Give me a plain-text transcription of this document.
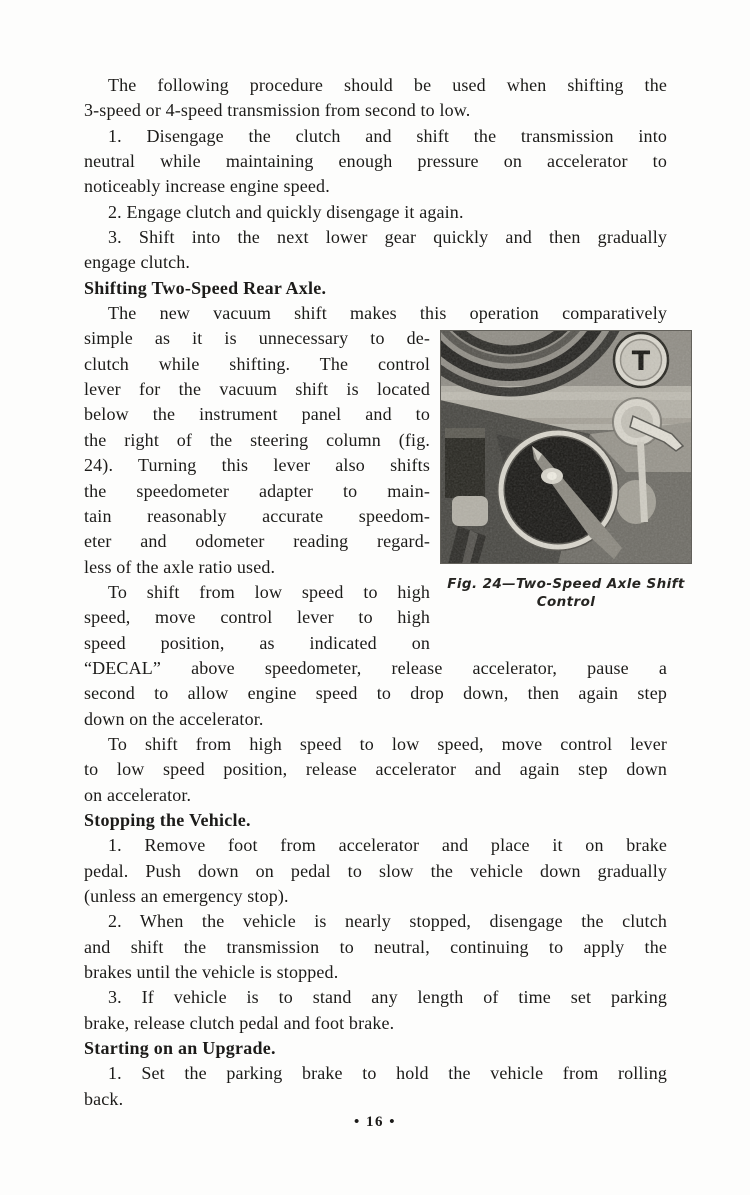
The following procedure should be used when shifting the
3-speed or 4-speed transmission from second to low.
1. Disengage the clutch and shift the transmission into
neutral while maintaining enough pressure on accelerator to
noticeably increase engine speed.
2. Engage clutch and quickly disengage it again.
3. Shift into the next lower gear quickly and then gradually
engage clutch.
Shifting Two-Speed Rear Axle.
The new vacuum shift makes this operation comparatively
simple as it is unnecessary to de-
clutch while shifting. The control
lever for the vacuum shift is located
below the instrument panel and to
the right of the steering column (fig.
24). Turning this lever also shifts
the speedometer adapter to main-
tain reasonably accurate speedom-
eter and odometer reading regard-
less of the axle ratio used.
To shift from low speed to high
speed, move control lever to high
speed position, as indicated on
T
Fig. 24—Two-Speed Axle Shift
Control
“DECAL” above speedometer, release accelerator, pause a
second to allow engine speed to drop down, then again step
down on the accelerator.
To shift from high speed to low speed, move control lever
to low speed position, release accelerator and again step down
on accelerator.
Stopping the Vehicle.
1. Remove foot from accelerator and place it on brake
pedal. Push down on pedal to slow the vehicle down gradually
(unless an emergency stop).
2. When the vehicle is nearly stopped, disengage the clutch
and shift the transmission to neutral, continuing to apply the
brakes until the vehicle is stopped.
3. If vehicle is to stand any length of time set parking
brake, release clutch pedal and foot brake.
Starting on an Upgrade.
1. Set the parking brake to hold the vehicle from rolling
back.
• 16 •
